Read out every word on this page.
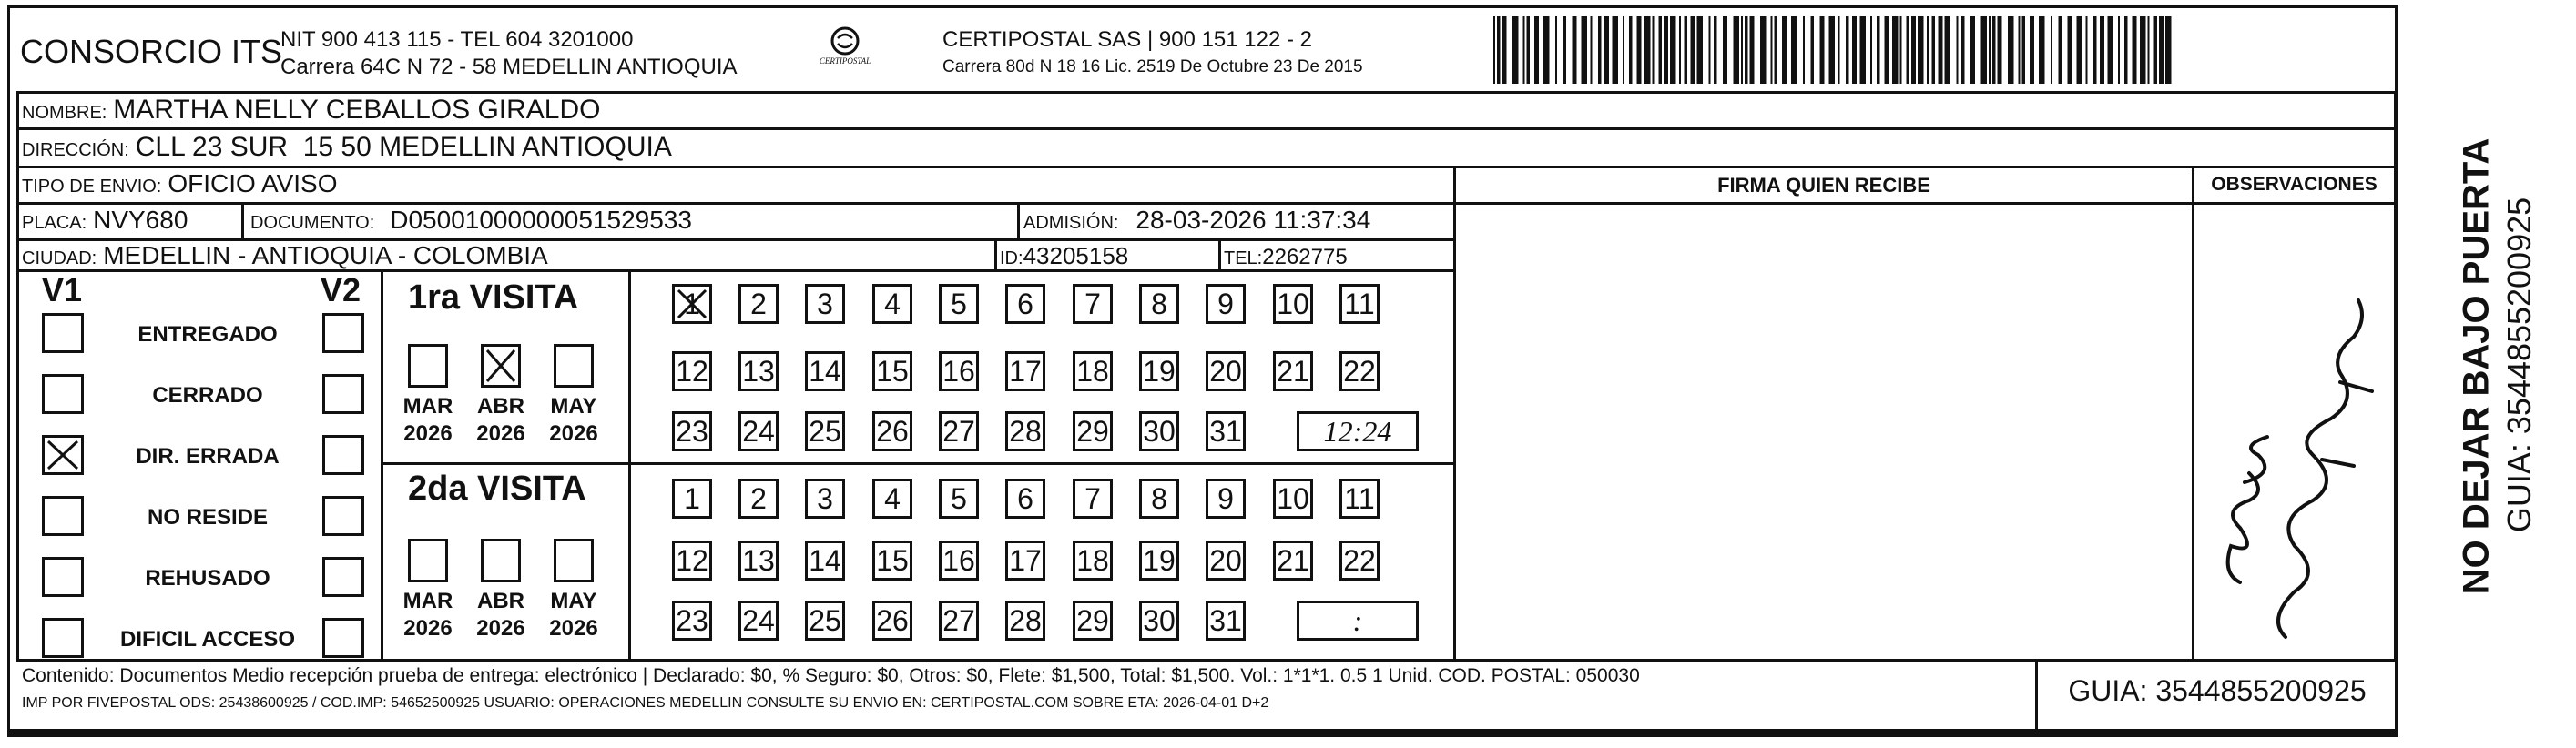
CONSORCIO ITS
NIT 900 413 115 - TEL 604 3201000
Carrera 64C N 72 - 58 MEDELLIN ANTIOQUIA	CERTIPOSTAL
CERTIPOSTAL SAS | 900 151 122 - 2
Carrera 80d N 18 16 Lic. 2519 De Octubre 23 De 2015
NOMBRE: MARTHA NELLY CEBALLOS GIRALDO
DIRECCIÓN: CLL 23 SUR  15 50 MEDELLIN ANTIOQUIA
TIPO DE ENVIO: OFICIO AVISO
PLACA: NVY680	DOCUMENTO: D05001000000051529533	ADMISIÓN: 28-03-2026 11:37:34
CIUDAD: MEDELLIN - ANTIOQUIA - COLOMBIA	ID:43205158	TEL:2262775
FIRMA QUIEN RECIBE	OBSERVACIONES
V1	V2
ENTREGADO
CERRADO
DIR. ERRADA
NO RESIDE
REHUSADO
DIFICIL ACCESO
1ra VISITA
MAR
2026
ABR
2026
MAY
2026
1	2	3	4	5	6	7	8	9	10 11
12 13 14 15 16 17 18 19 20 21 22
23 24 25 26 27 28 29 30 31	12:24
2da VISITA
MAR
2026
ABR
2026
MAY
2026
1	2	3	4	5	6	7	8	9	10 11
12 13 14 15 16 17 18 19 20 21 22
23 24 25 26 27 28 29 30 31	:
Contenido: Documentos Medio recepción prueba de entrega: electrónico | Declarado: $0, % Seguro: $0, Otros: $0, Flete: $1,500, Total: $1,500. Vol.: 1*1*1. 0.5 1 Unid. COD. POSTAL: 050030
IMP POR FIVEPOSTAL ODS: 25438600925 / COD.IMP: 54652500925 USUARIO: OPERACIONES MEDELLIN CONSULTE SU ENVIO EN: CERTIPOSTAL.COM SOBRE ETA: 2026-04-01 D+2	GUIA: 3544855200925
NO DEJAR BAJO PUERTA GUIA: 3544855200925
